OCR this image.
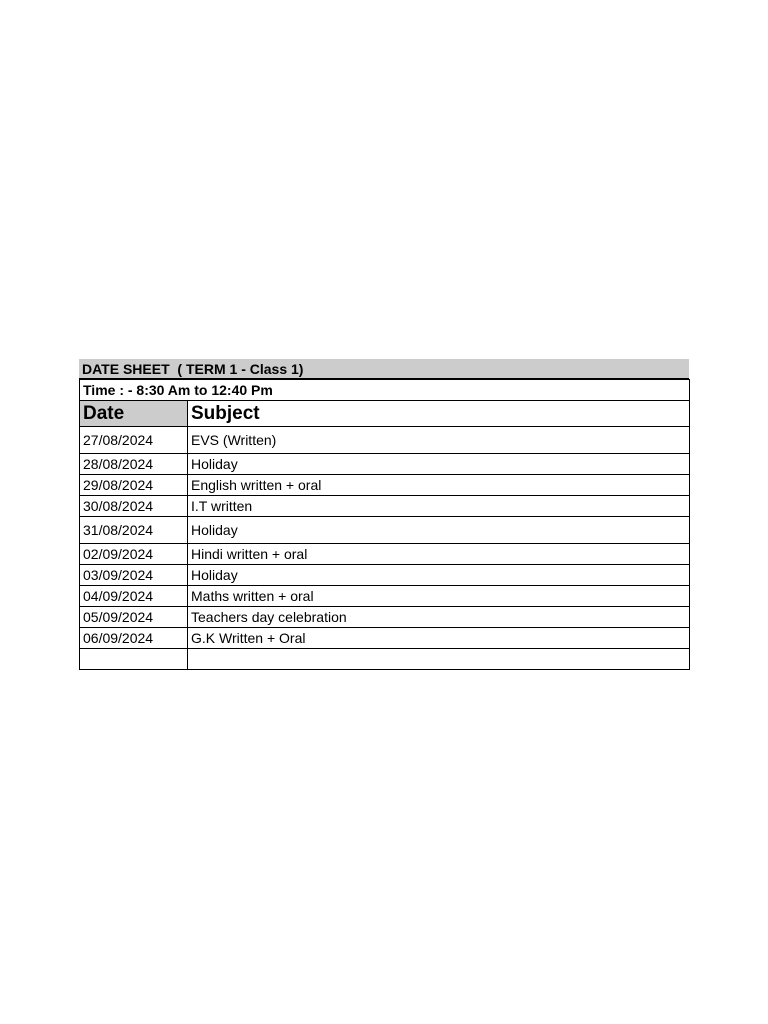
DATE SHEET  ( TERM 1 - Class 1)
Time : - 8:30 Am to 12:40 Pm	
Date	Subject
27/08/2024	EVS (Written)
28/08/2024	Holiday
29/08/2024	English written + oral
30/08/2024	I.T written
31/08/2024	Holiday
02/09/2024	Hindi written + oral
03/09/2024	Holiday
04/09/2024	Maths written + oral
05/09/2024	Teachers day celebration
06/09/2024	G.K Written + Oral
